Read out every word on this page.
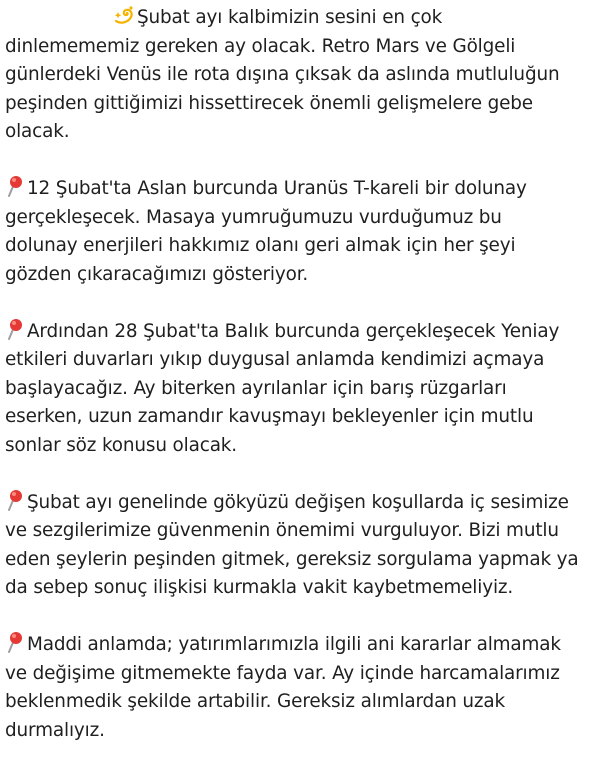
Şubat ayı kalbimizin sesini en çok
dinlemememiz gereken ay olacak. Retro Mars ve Gölgeli
günlerdeki Venüs ile rota dışına çıksak da aslında mutluluğun
peşinden gittiğimizi hissettirecek önemli gelişmelere gebe
olacak.

12 Şubat'ta Aslan burcunda Uranüs T-kareli bir dolunay
gerçekleşecek. Masaya yumruğumuzu vurduğumuz bu
dolunay enerjileri hakkımız olanı geri almak için her şeyi
gözden çıkaracağımızı gösteriyor.

Ardından 28 Şubat'ta Balık burcunda gerçekleşecek Yeniay
etkileri duvarları yıkıp duygusal anlamda kendimizi açmaya
başlayacağız. Ay biterken ayrılanlar için barış rüzgarları
eserken, uzun zamandır kavuşmayı bekleyenler için mutlu
sonlar söz konusu olacak.

Şubat ayı genelinde gökyüzü değişen koşullarda iç sesimize
ve sezgilerimize güvenmenin önemimi vurguluyor. Bizi mutlu
eden şeylerin peşinden gitmek, gereksiz sorgulama yapmak ya
da sebep sonuç ilişkisi kurmakla vakit kaybetmemeliyiz.

Maddi anlamda; yatırımlarımızla ilgili ani kararlar almamak
ve değişime gitmemekte fayda var. Ay içinde harcamalarımız
beklenmedik şekilde artabilir. Gereksiz alımlardan uzak
durmalıyız.
